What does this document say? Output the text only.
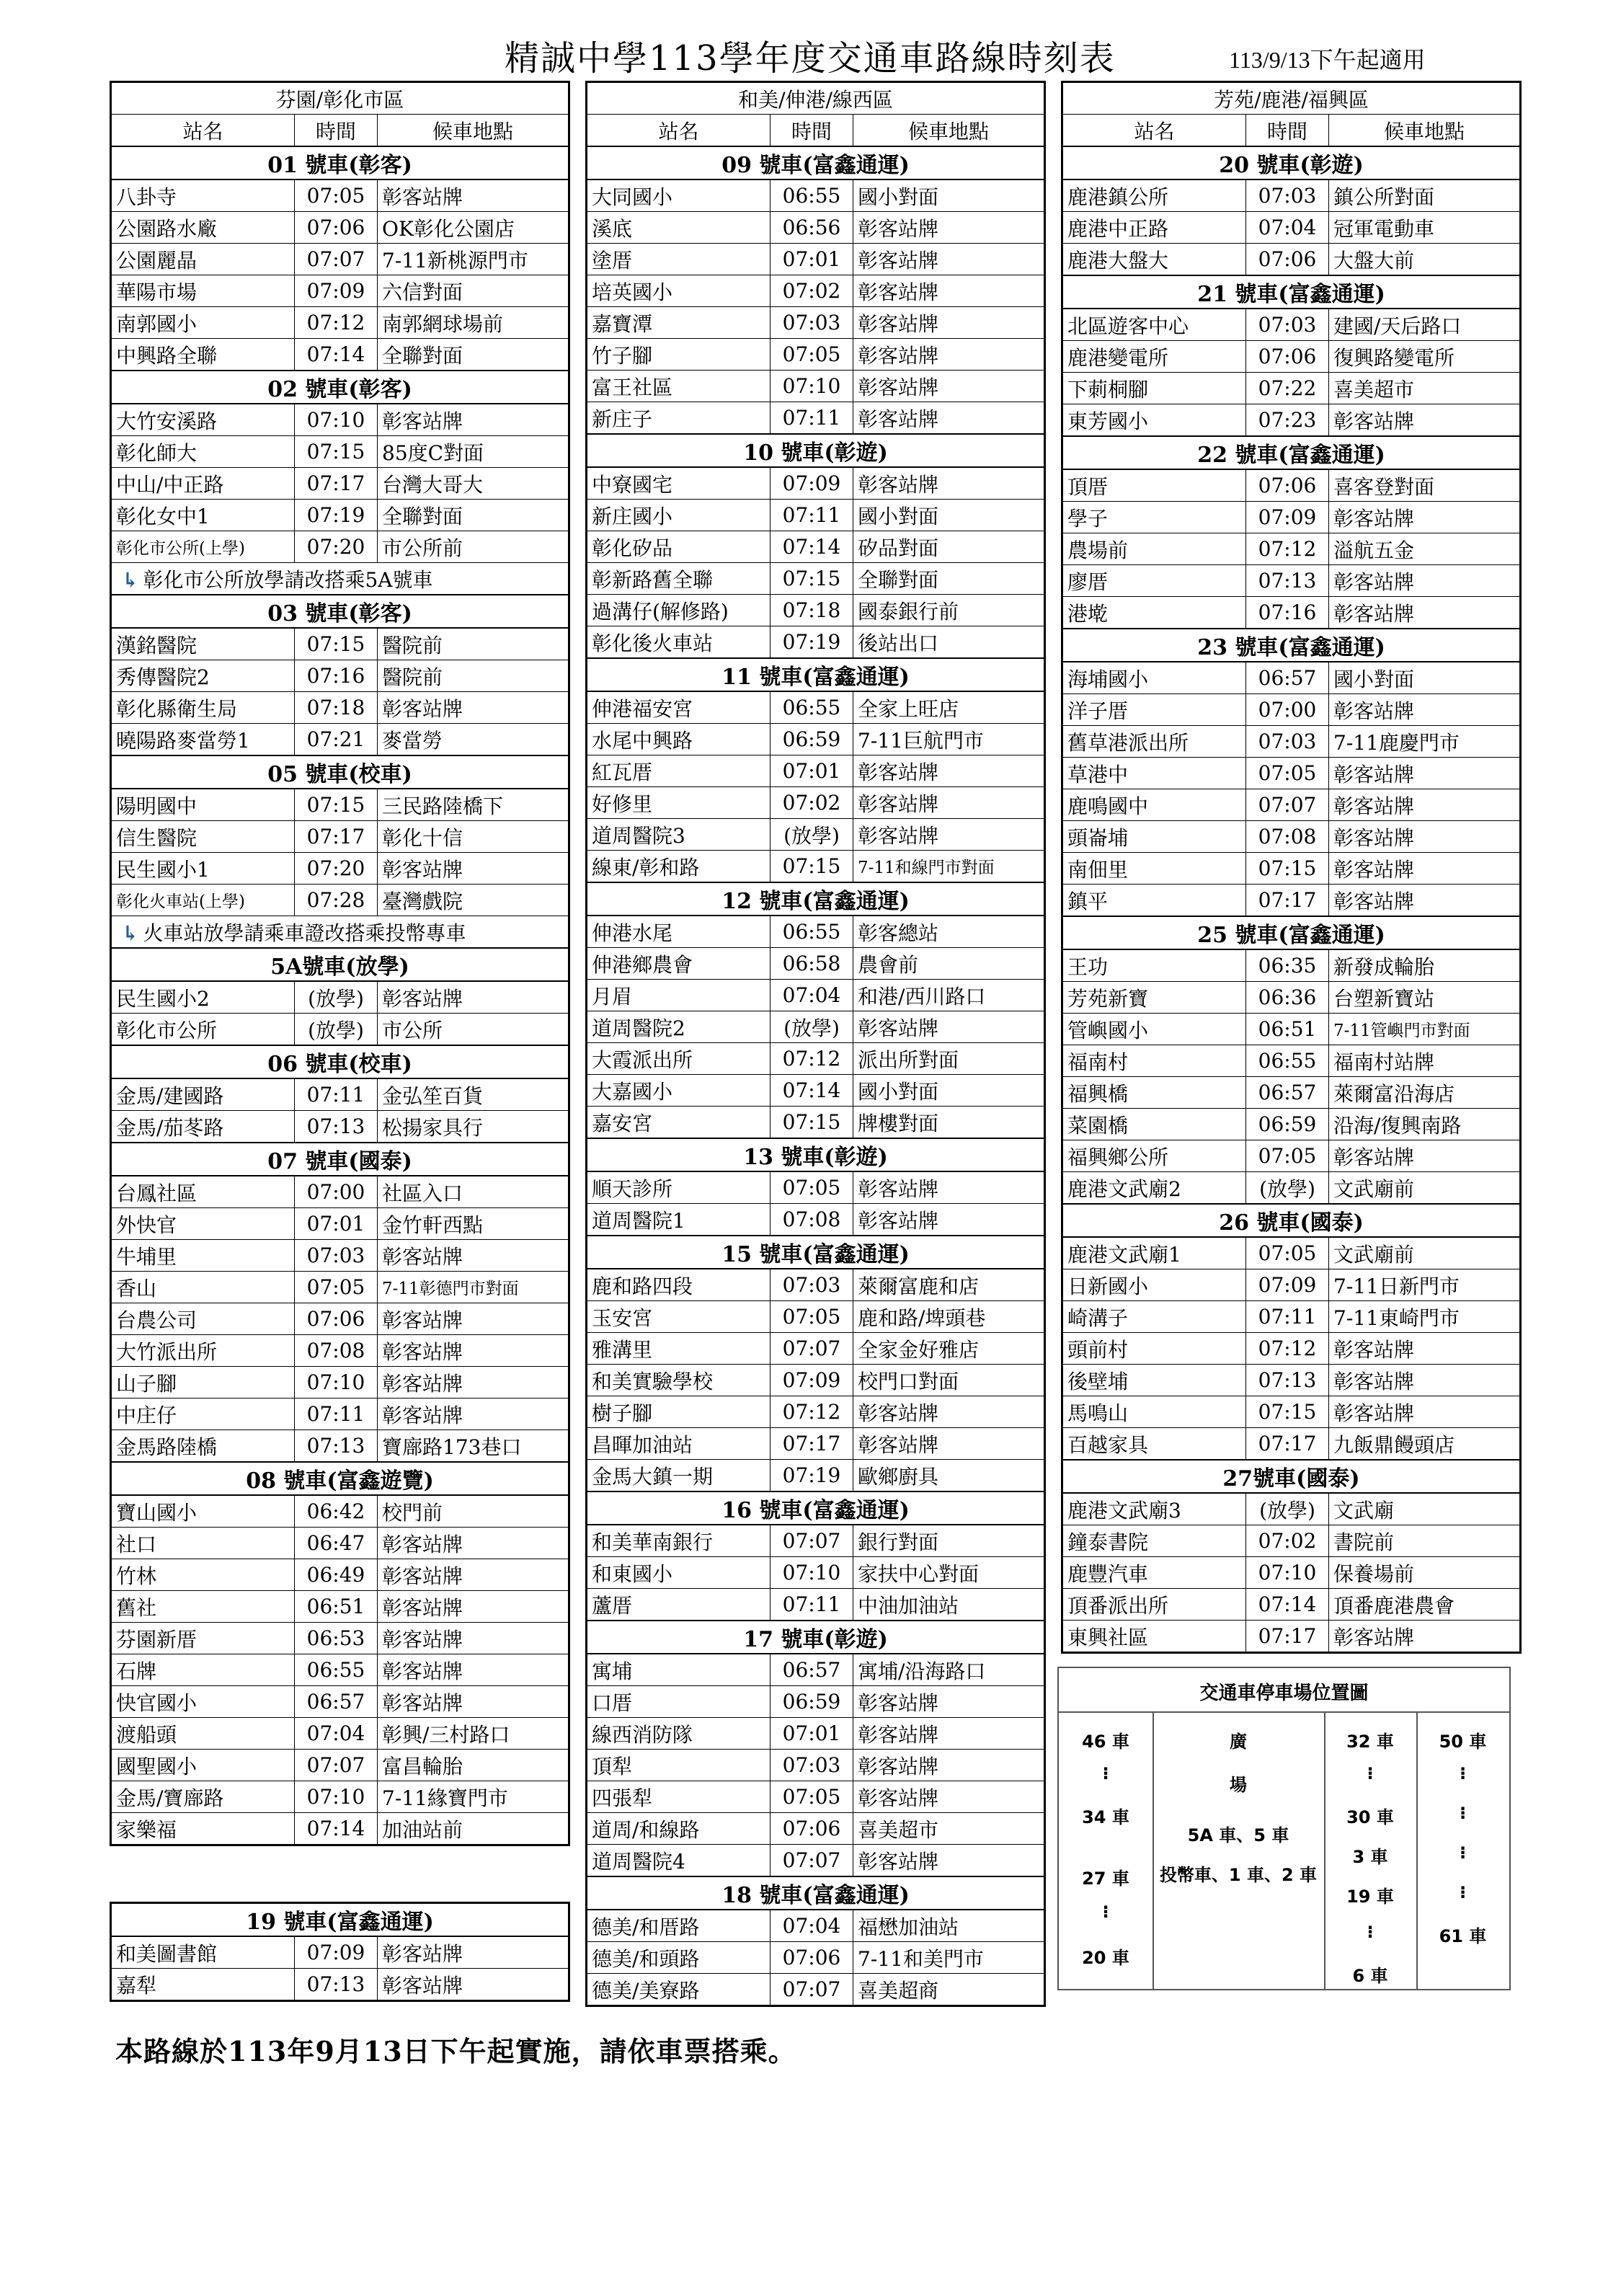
精誠中學113學年度交通車路線時刻表	113/9/13下午起適用
芬園/彰化市區		
站名	時間	候車地點
01 號車(彰客)		
八卦寺	07:05	彰客站牌
公園路水廠	07:06	OK彰化公園店
公園麗晶	07:07	7-11新桃源門市
華陽市場	07:09	六信對面
南郭國小	07:12	南郭網球場前
中興路全聯	07:14	全聯對面
02 號車(彰客)		
大竹安溪路	07:10	彰客站牌
彰化師大	07:15	85度C對面
中山/中正路	07:17	台灣大哥大
彰化女中1	07:19	全聯對面
彰化市公所(上學)	07:20	市公所前
↳ 彰化市公所放學請改搭乘5A號車		
03 號車(彰客)		
漢銘醫院	07:15	醫院前
秀傳醫院2	07:16	醫院前
彰化縣衛生局	07:18	彰客站牌
曉陽路麥當勞1	07:21	麥當勞
05 號車(校車)		
陽明國中	07:15	三民路陸橋下
信生醫院	07:17	彰化十信
民生國小1	07:20	彰客站牌
彰化火車站(上學)	07:28	臺灣戲院
↳ 火車站放學請乘車證改搭乘投幣專車		
5A號車(放學)		
民生國小2	(放學)	彰客站牌
彰化市公所	(放學)	市公所
06 號車(校車)		
金馬/建國路	07:11	金弘笙百貨
金馬/茄苳路	07:13	松揚家具行
07 號車(國泰)		
台鳳社區	07:00	社區入口
外快官	07:01	金竹軒西點
牛埔里	07:03	彰客站牌
香山	07:05	7-11彰德門市對面
台農公司	07:06	彰客站牌
大竹派出所	07:08	彰客站牌
山子腳	07:10	彰客站牌
中庄仔	07:11	彰客站牌
金馬路陸橋	07:13	寶廍路173巷口
08 號車(富鑫遊覽)		
寶山國小	06:42	校門前
社口	06:47	彰客站牌
竹林	06:49	彰客站牌
舊社	06:51	彰客站牌
芬園新厝	06:53	彰客站牌
石牌	06:55	彰客站牌
快官國小	06:57	彰客站牌
渡船頭	07:04	彰興/三村路口
國聖國小	07:07	富昌輪胎
金馬/寶廍路	07:10	7-11緣寶門市
家樂福	07:14	加油站前
和美/伸港/線西區		
站名	時間	候車地點
09 號車(富鑫通運)		
大同國小	06:55	國小對面
溪底	06:56	彰客站牌
塗厝	07:01	彰客站牌
培英國小	07:02	彰客站牌
嘉寶潭	07:03	彰客站牌
竹子腳	07:05	彰客站牌
富王社區	07:10	彰客站牌
新庄子	07:11	彰客站牌
10 號車(彰遊)		
中寮國宅	07:09	彰客站牌
新庄國小	07:11	國小對面
彰化矽品	07:14	矽品對面
彰新路舊全聯	07:15	全聯對面
過溝仔(解修路)	07:18	國泰銀行前
彰化後火車站	07:19	後站出口
11 號車(富鑫通運)		
伸港福安宮	06:55	全家上旺店
水尾中興路	06:59	7-11巨航門市
紅瓦厝	07:01	彰客站牌
好修里	07:02	彰客站牌
道周醫院3	(放學)	彰客站牌
線東/彰和路	07:15	7-11和線門市對面
12 號車(富鑫通運)		
伸港水尾	06:55	彰客總站
伸港鄉農會	06:58	農會前
月眉	07:04	和港/西川路口
道周醫院2	(放學)	彰客站牌
大霞派出所	07:12	派出所對面
大嘉國小	07:14	國小對面
嘉安宮	07:15	牌樓對面
13 號車(彰遊)		
順天診所	07:05	彰客站牌
道周醫院1	07:08	彰客站牌
15 號車(富鑫通運)		
鹿和路四段	07:03	萊爾富鹿和店
玉安宮	07:05	鹿和路/埤頭巷
雅溝里	07:07	全家金好雅店
和美實驗學校	07:09	校門口對面
樹子腳	07:12	彰客站牌
昌暉加油站	07:17	彰客站牌
金馬大鎮一期	07:19	歐鄉廚具
16 號車(富鑫通運)		
和美華南銀行	07:07	銀行對面
和東國小	07:10	家扶中心對面
蘆厝	07:11	中油加油站
17 號車(彰遊)		
寓埔	06:57	寓埔/沿海路口
口厝	06:59	彰客站牌
線西消防隊	07:01	彰客站牌
頂犁	07:03	彰客站牌
四張犁	07:05	彰客站牌
道周/和線路	07:06	喜美超市
道周醫院4	07:07	彰客站牌
18 號車(富鑫通運)		
德美/和厝路	07:04	福懋加油站
德美/和頭路	07:06	7-11和美門市
德美/美寮路	07:07	喜美超商
芳苑/鹿港/福興區		
站名	時間	候車地點
20 號車(彰遊)		
鹿港鎮公所	07:03	鎮公所對面
鹿港中正路	07:04	冠軍電動車
鹿港大盤大	07:06	大盤大前
21 號車(富鑫通運)		
北區遊客中心	07:03	建國/天后路口
鹿港變電所	07:06	復興路變電所
下莿桐腳	07:22	喜美超市
東芳國小	07:23	彰客站牌
22 號車(富鑫通運)		
頂厝	07:06	喜客登對面
學子	07:09	彰客站牌
農場前	07:12	溢航五金
廖厝	07:13	彰客站牌
港墘	07:16	彰客站牌
23 號車(富鑫通運)		
海埔國小	06:57	國小對面
洋子厝	07:00	彰客站牌
舊草港派出所	07:03	7-11鹿慶門市
草港中	07:05	彰客站牌
鹿鳴國中	07:07	彰客站牌
頭崙埔	07:08	彰客站牌
南佃里	07:15	彰客站牌
鎮平	07:17	彰客站牌
25 號車(富鑫通運)		
王功	06:35	新發成輪胎
芳苑新寶	06:36	台塑新寶站
管嶼國小	06:51	7-11管嶼門市對面
福南村	06:55	福南村站牌
福興橋	06:57	萊爾富沿海店
菜園橋	06:59	沿海/復興南路
福興鄉公所	07:05	彰客站牌
鹿港文武廟2	(放學)	文武廟前
26 號車(國泰)		
鹿港文武廟1	07:05	文武廟前
日新國小	07:09	7-11日新門市
崎溝子	07:11	7-11東崎門市
頭前村	07:12	彰客站牌
後壁埔	07:13	彰客站牌
馬鳴山	07:15	彰客站牌
百越家具	07:17	九飯鼎饅頭店
27號車(國泰)		
鹿港文武廟3	(放學)	文武廟
鐘泰書院	07:02	書院前
鹿豐汽車	07:10	保養場前
頂番派出所	07:14	頂番鹿港農會
東興社區	07:17	彰客站牌
19 號車(富鑫通運)		
和美圖書館	07:09	彰客站牌
嘉犁	07:13	彰客站牌
交通車停車場位置圖
46 車
⁝
34 車
27 車
⁝
20 車
廣
場
5A 車、5 車
投幣車、1 車、2 車
32 車
⁝
30 車
3 車
19 車
⁝
6 車
50 車
⁝
⁝
⁝
⁝
61 車
本路線於113年9月13日下午起實施，請依車票搭乘。
